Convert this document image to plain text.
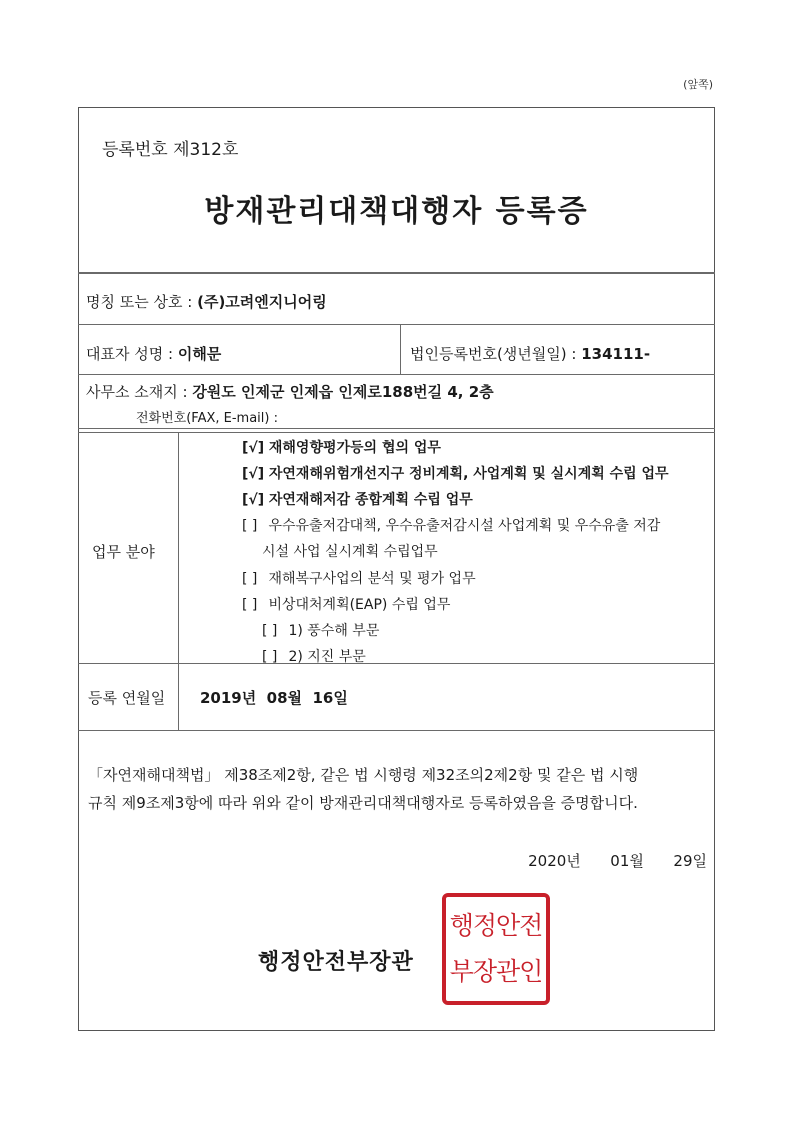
(앞쪽)
등록번호 제312호
방재관리대책대행자 등록증
명칭 또는 상호 : (주)고려엔지니어링
대표자 성명 : 이해문	법인등록번호(생년월일) : 134111-
사무소 소재지 : 강원도 인제군 인제읍 인제로188번길 4, 2층
전화번호(FAX, E-mail) :
업무 분야
[√] 재해영향평가등의 협의 업무
[√] 자연재해위험개선지구 정비계획, 사업계획 및 실시계획 수립 업무
[√] 자연재해저감 종합계획 수립 업무
[ ] 우수유출저감대책, 우수유출저감시설 사업계획 및 우수유출 저감
시설 사업 실시계획 수립업무
[ ] 재해복구사업의 분석 및 평가 업무
[ ] 비상대처계획(EAP) 수립 업무
[ ] 1) 풍수해 부문
[ ] 2) 지진 부문
등록 연월일 2019년  08월  16일
「자연재해대책법」 제38조제2항, 같은 법 시행령 제32조의2제2항 및 같은 법 시행
규칙 제9조제3항에 따라 위와 같이 방재관리대책대행자로 등록하였음을 증명합니다.
2020년  01월  29일
행정안전부장관
행정안전
부장관인
